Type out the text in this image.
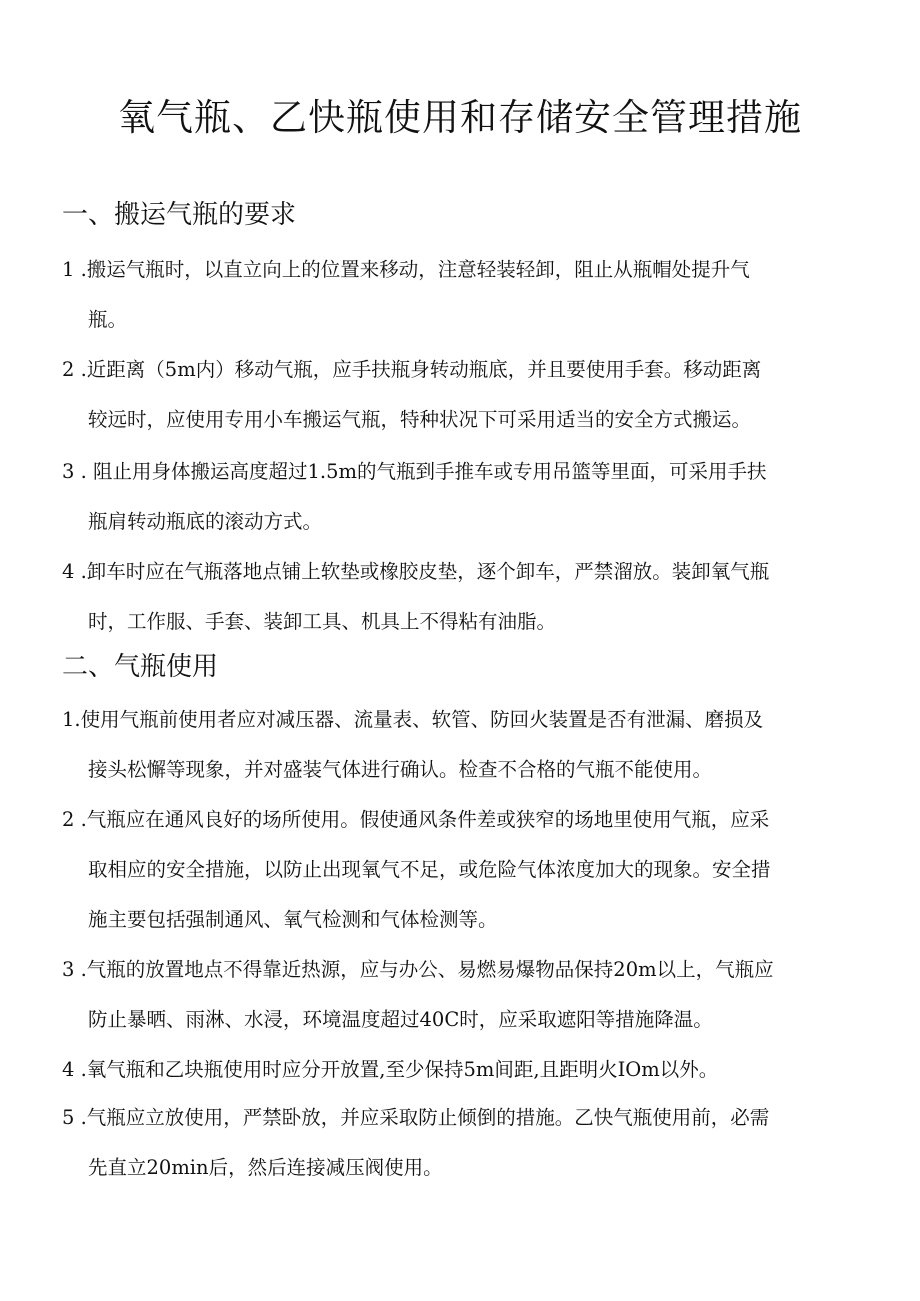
氧气瓶、乙快瓶使用和存储安全管理措施
一、搬运气瓶的要求
1 .搬运气瓶时，以直立向上的位置来移动，注意轻装轻卸，阻止从瓶帽处提升气
瓶。
2 .近距离（5m内）移动气瓶，应手扶瓶身转动瓶底，并且要使用手套。移动距离
较远时，应使用专用小车搬运气瓶，特种状况下可采用适当的安全方式搬运。
3 . 阻止用身体搬运高度超过1.5m的气瓶到手推车或专用吊篮等里面，可采用手扶
瓶肩转动瓶底的滚动方式。
4 .卸车时应在气瓶落地点铺上软垫或橡胶皮垫，逐个卸车，严禁溜放。装卸氧气瓶
时，工作服、手套、装卸工具、机具上不得粘有油脂。
二、气瓶使用
1.使用气瓶前使用者应对减压器、流量表、软管、防回火装置是否有泄漏、磨损及
接头松懈等现象，并对盛装气体进行确认。检查不合格的气瓶不能使用。
2 .气瓶应在通风良好的场所使用。假使通风条件差或狭窄的场地里使用气瓶，应采
取相应的安全措施，以防止出现氧气不足，或危险气体浓度加大的现象。安全措
施主要包括强制通风、氧气检测和气体检测等。
3 .气瓶的放置地点不得靠近热源，应与办公、易燃易爆物品保持20m以上，气瓶应
防止暴晒、雨淋、水浸，环境温度超过40C时，应采取遮阳等措施降温。
4 .氧气瓶和乙块瓶使用时应分开放置,至少保持5m间距,且距明火IOm以外。
5 .气瓶应立放使用，严禁卧放，并应采取防止倾倒的措施。乙快气瓶使用前，必需
先直立20min后，然后连接减压阀使用。
